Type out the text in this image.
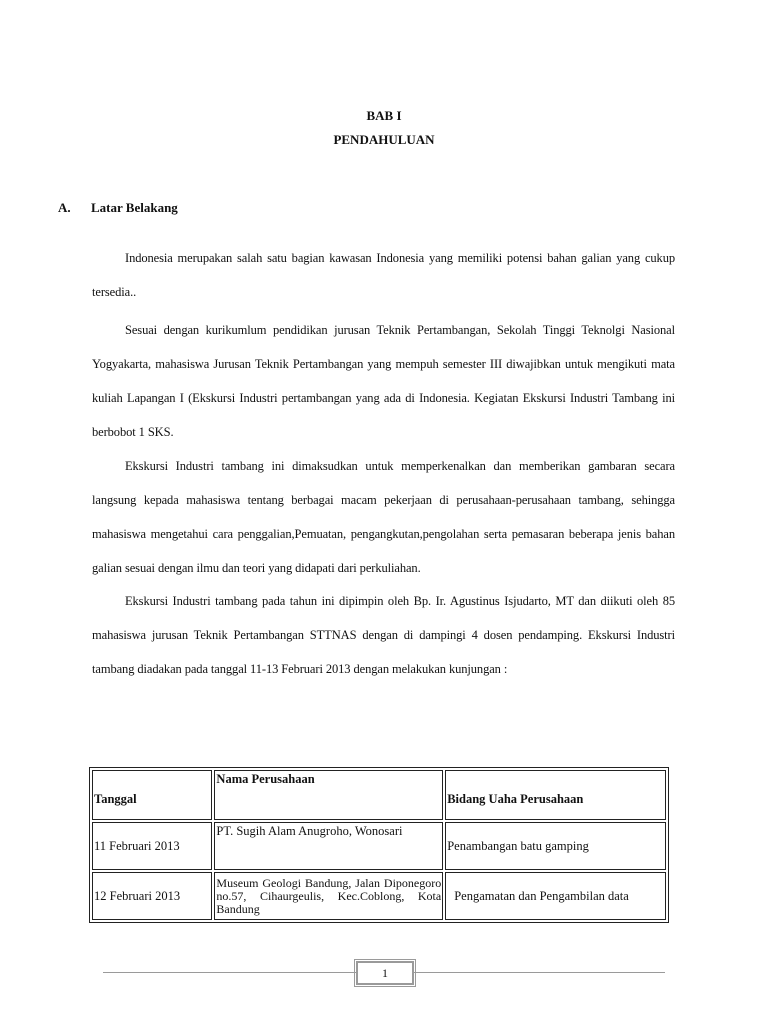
BAB I
PENDAHULUAN
A. Latar Belakang

Indonesia merupakan salah satu bagian kawasan Indonesia yang memiliki potensi bahan galian yang cukup tersedia..

Sesuai dengan kurikumlum pendidikan jurusan Teknik Pertambangan, Sekolah Tinggi Teknolgi Nasional Yogyakarta, mahasiswa Jurusan Teknik Pertambangan yang mempuh semester III diwajibkan untuk mengikuti mata kuliah Lapangan I (Ekskursi Industri pertambangan yang ada di Indonesia. Kegiatan Ekskursi Industri Tambang ini berbobot 1 SKS.

Ekskursi Industri tambang ini dimaksudkan untuk memperkenalkan dan memberikan gambaran secara langsung kepada mahasiswa tentang berbagai macam pekerjaan di perusahaan-perusahaan tambang, sehingga mahasiswa mengetahui cara penggalian,Pemuatan, pengangkutan,pengolahan serta pemasaran beberapa jenis bahan galian sesuai dengan ilmu dan teori yang didapati dari perkuliahan.

Ekskursi Industri tambang pada tahun ini dipimpin oleh Bp. Ir. Agustinus Isjudarto, MT dan diikuti oleh 85 mahasiswa jurusan Teknik Pertambangan STTNAS dengan di dampingi 4 dosen pendamping. Ekskursi Industri tambang diadakan pada tanggal 11-13 Februari 2013 dengan melakukan kunjungan :

Tanggal	Nama Perusahaan	Bidang Uaha Perusahaan
11 Februari 2013	PT. Sugih Alam Anugroho, Wonosari	Penambangan batu gamping
12 Februari 2013	Museum Geologi Bandung, Jalan Diponegoro no.57, Cihaurgeulis, Kec.Coblong, Kota Bandung	Pengamatan dan Pengambilan data
1
